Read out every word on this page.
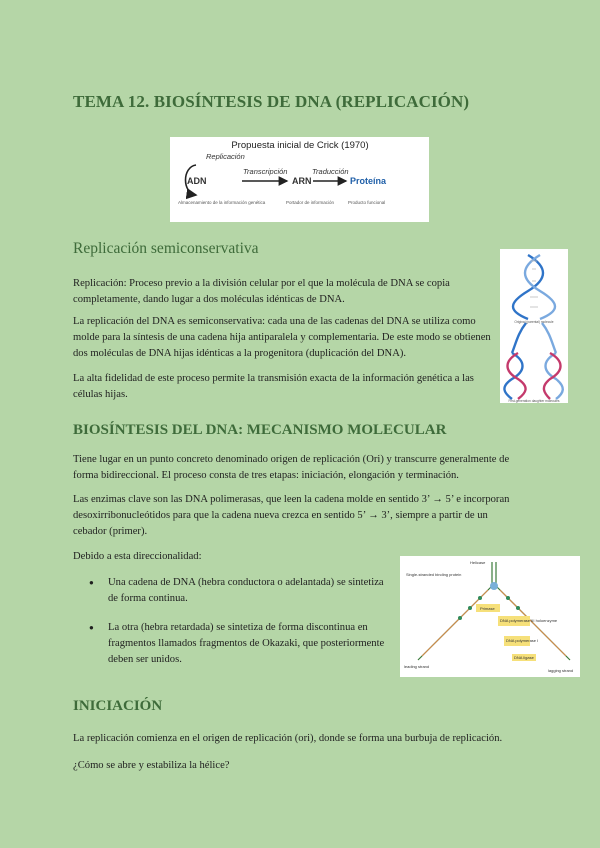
TEMA 12. BIOSÍNTESIS DE DNA (REPLICACIÓN)
Propuesta inicial de Crick (1970)
Replicación
ADN
Transcripción
ARN
Traducción
Proteína
Almacenamiento de la información genética	Portador de información	Producto funcional
Replicación semiconservativa
Replicación: Proceso previo a la división celular por el que la molécula de DNA se copia completamente, dando lugar a dos moléculas idénticas de DNA.
La replicación del DNA es semiconservativa: cada una de las cadenas del DNA se utiliza como molde para la síntesis de una cadena hija antiparalela y complementaria. De este modo se obtienen dos moléculas de DNA hijas idénticas a la progenitora (duplicación del DNA).
La alta fidelidad de este proceso permite la transmisión exacta de la información genética a las células hijas.
Original (parental) molecule
First-generation daughter molecules
BIOSÍNTESIS DEL DNA: MECANISMO MOLECULAR
Tiene lugar en un punto concreto denominado origen de replicación (Ori) y transcurre generalmente de forma bidireccional. El proceso consta de tres etapas: iniciación, elongación y terminación.
Las enzimas clave son las DNA polimerasas, que leen la cadena molde en sentido 3’ → 5’ e incorporan desoxirribonucleótidos para que la cadena nueva crezca en sentido 5’ → 3’, siempre a partir de un cebador (primer).
Debido a esta direccionalidad:
● Una cadena de DNA (hebra conductora o adelantada) se sintetiza de forma continua.
● La otra (hebra retardada) se sintetiza de forma discontinua en fragmentos llamados fragmentos de Okazaki, que posteriormente deben ser unidos.
Helicase
Single-stranded binding protein
Primase
DNA polymerase III holoenzyme
DNA polymerase I
DNA ligase
leading strand
lagging strand
INICIACIÓN
La replicación comienza en el origen de replicación (ori), donde se forma una burbuja de replicación.
¿Cómo se abre y estabiliza la hélice?
